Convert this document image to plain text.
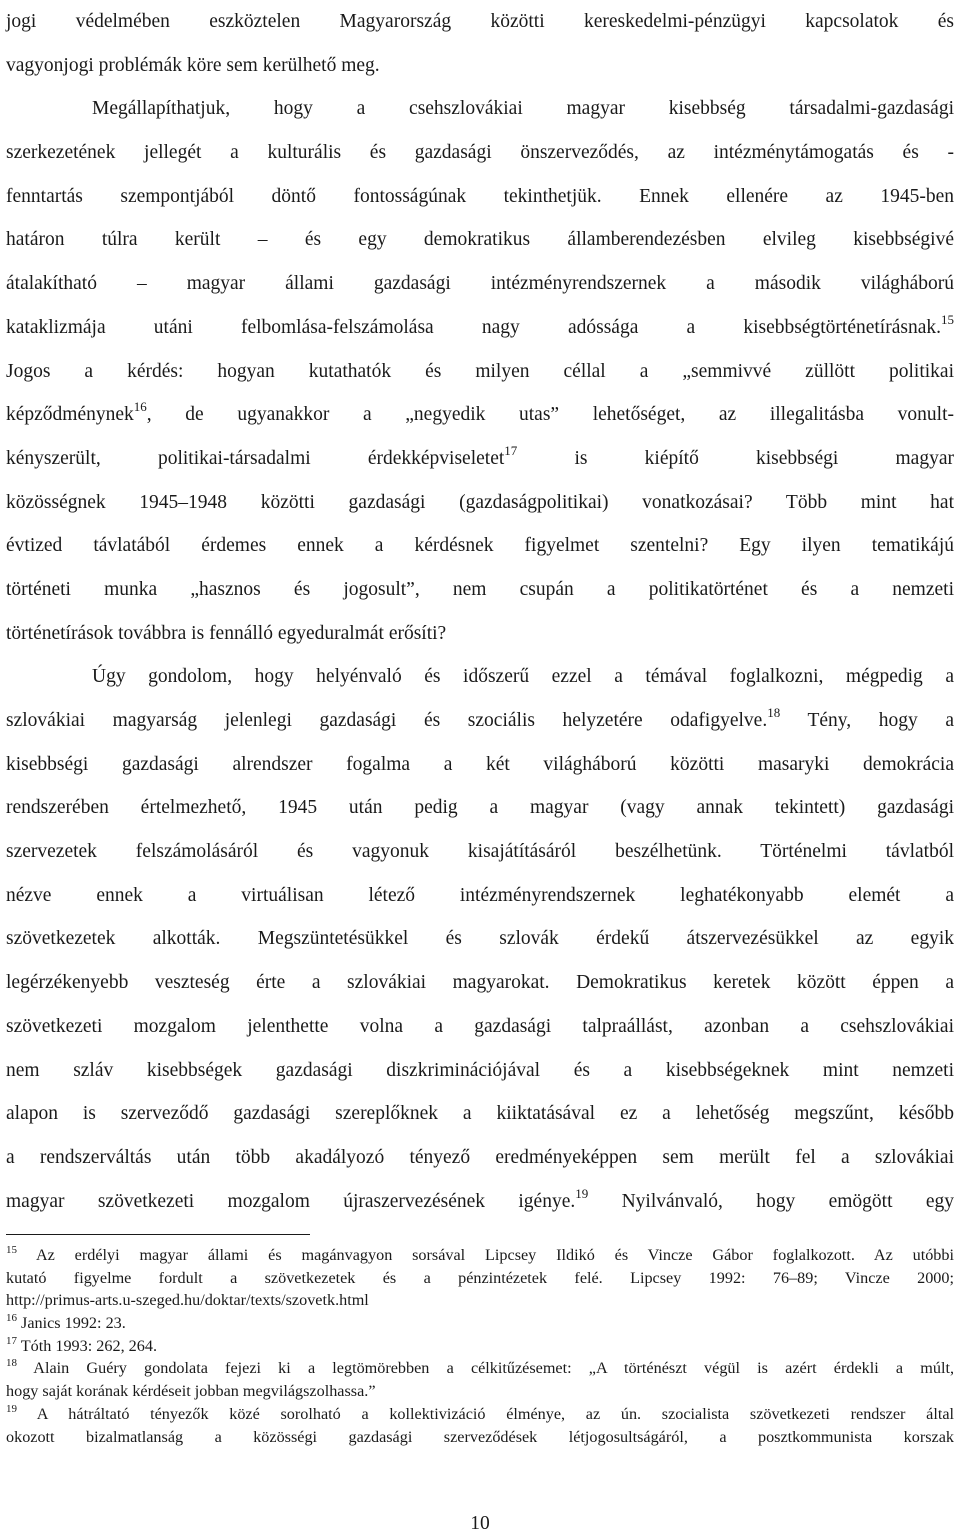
jogi védelmében eszköztelen Magyarország közötti kereskedelmi-pénzügyi kapcsolatok és
vagyonjogi problémák köre sem kerülhető meg.
Megállapíthatjuk, hogy a csehszlovákiai magyar kisebbség társadalmi-gazdasági
szerkezetének jellegét a kulturális és gazdasági önszerveződés, az intézménytámogatás és -
fenntartás szempontjából döntő fontosságúnak tekinthetjük. Ennek ellenére az 1945-ben
határon túlra került – és egy demokratikus államberendezésben elvileg kisebbségivé
átalakítható – magyar állami gazdasági intézményrendszernek a második világháború
kataklizmája utáni felbomlása-felszámolása nagy adóssága a kisebbségtörténetírásnak.$^{15}$
Jogos a kérdés: hogyan kutathatók és milyen céllal a „semmivvé züllött politikai
képződménynek$^{16}$, de ugyanakkor a „negyedik utas” lehetőséget, az illegalitásba vonult-
kényszerült, politikai-társadalmi érdekképviseletet$^{17}$ is kiépítő kisebbségi magyar
közösségnek 1945–1948 közötti gazdasági (gazdaságpolitikai) vonatkozásai? Több mint hat
évtized távlatából érdemes ennek a kérdésnek figyelmet szentelni? Egy ilyen tematikájú
történeti munka „hasznos és jogosult”, nem csupán a politikatörténet és a nemzeti
történetírások továbbra is fennálló egyeduralmát erősíti?
Úgy gondolom, hogy helyénvaló és időszerű ezzel a témával foglalkozni, mégpedig a
szlovákiai magyarság jelenlegi gazdasági és szociális helyzetére odafigyelve.$^{18}$ Tény, hogy a
kisebbségi gazdasági alrendszer fogalma a két világháború közötti masaryki demokrácia
rendszerében értelmezhető, 1945 után pedig a magyar (vagy annak tekintett) gazdasági
szervezetek felszámolásáról és vagyonuk kisajátításáról beszélhetünk. Történelmi távlatból
nézve ennek a virtuálisan létező intézményrendszernek leghatékonyabb elemét a
szövetkezetek alkották. Megszüntetésükkel és szlovák érdekű átszervezésükkel az egyik
legérzékenyebb veszteség érte a szlovákiai magyarokat. Demokratikus keretek között éppen a
szövetkezeti mozgalom jelenthette volna a gazdasági talpraállást, azonban a csehszlovákiai
nem szláv kisebbségek gazdasági diszkriminációjával és a kisebbségeknek mint nemzeti
alapon is szerveződő gazdasági szereplőknek a kiiktatásával ez a lehetőség megszűnt, később
a rendszerváltás után több akadályozó tényező eredményeképpen sem merült fel a szlovákiai
magyar szövetkezeti mozgalom újraszervezésének igénye.$^{19}$ Nyilvánvaló, hogy emögött egy
$^{15}$ Az erdélyi magyar állami és magánvagyon sorsával Lipcsey Ildikó és Vincze Gábor foglalkozott. Az utóbbi
kutató figyelme fordult a szövetkezetek és a pénzintézetek felé. Lipcsey 1992: 76–89; Vincze 2000;
http://primus-arts.u-szeged.hu/doktar/texts/szovetk.html
$^{16}$ Janics 1992: 23.
$^{17}$ Tóth 1993: 262, 264.
$^{18}$ Alain Guéry gondolata fejezi ki a legtömörebben a célkitűzésemet: „A történészt végül is azért érdekli a múlt,
hogy saját korának kérdéseit jobban megvilágszolhassa.”
$^{19}$ A hátráltató tényezők közé sorolható a kollektivizáció élménye, az ún. szocialista szövetkezeti rendszer által
okozott bizalmatlanság a közösségi gazdasági szerveződések létjogosultságáról, a posztkommunista korszak
10
